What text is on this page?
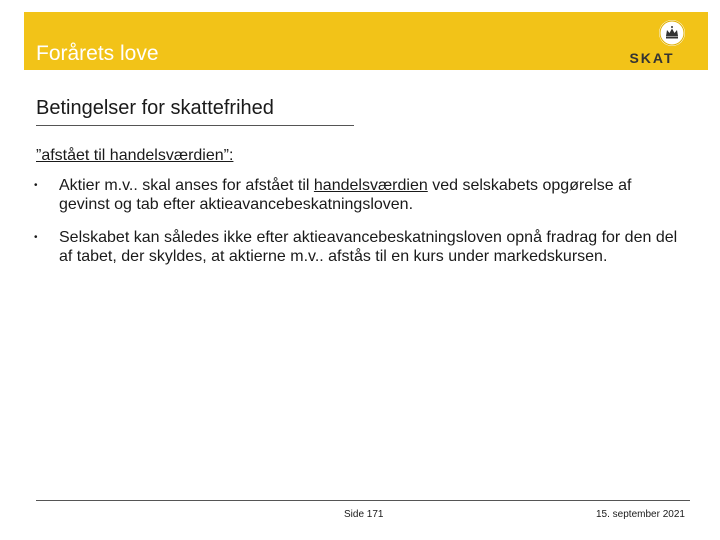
Forårets love	SKAT
Betingelser for skattefrihed
”afstået til handelsværdien”:
• Aktier m.v.. skal anses for afstået til handelsværdien ved selskabets opgørelse af gevinst og tab efter aktieavancebeskatningsloven.
• Selskabet kan således ikke efter aktieavancebeskatningsloven opnå fradrag for den del af tabet, der skyldes, at aktierne m.v.. afstås til en kurs under markedskursen.
Side 171	15. september 2021
